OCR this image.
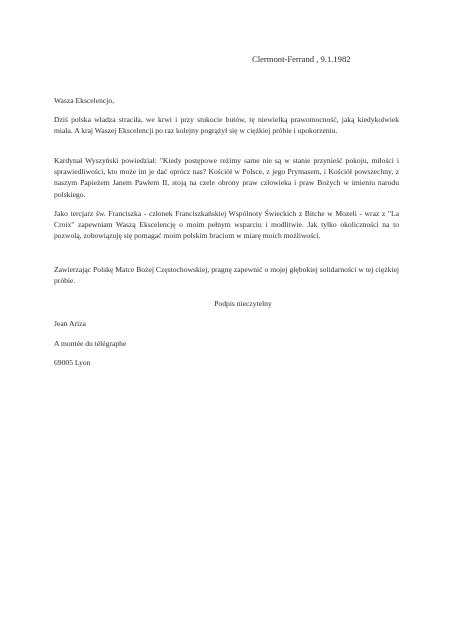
Clermont-Ferrand , 9.1.1982

Wasza Ekscelencjo,

Dziś polska władza straciła, we krwi i przy stukocie butów, tę niewielką prawomocność, jaką kiedykolwiek miała. A kraj Waszej Ekscelencji po raz kolejny pogrążył się w ciężkiej próbie i upokorzeniu.

Kardynał Wyszyński powiedział: "Kiedy postępowe reżimy same nie są w stanie przynieść pokoju, miłości i sprawiedliwości, kto może im je dać oprócz nas? Kościół w Polsce, z jego Prymasem, i Kościół powszechny, z naszym Papieżem Janem Pawłem II, stoją na czele obrony praw człowieka i praw Bożych w imieniu narodu polskiego.

Jako tercjarz św. Franciszka - członek Franciszkańskiej Wspólnoty Świeckich z Bitche w Mozeli - wraz z "La Croix" zapewniam Waszą Ekscelencję o moim pełnym wsparciu i modlitwie. Jak tylko okoliczności na to pozwolą, zobowiązuję się pomagać moim polskim braciom w miarę moich możliwości.

Zawierzając Polskę Matce Bożej Częstochowskiej, pragnę zapewnić o mojej głębokiej solidarności w tej ciężkiej próbie.

Podpis nieczytelny
Jean Ariza
A montée du télégraphe
69005 Lyon
